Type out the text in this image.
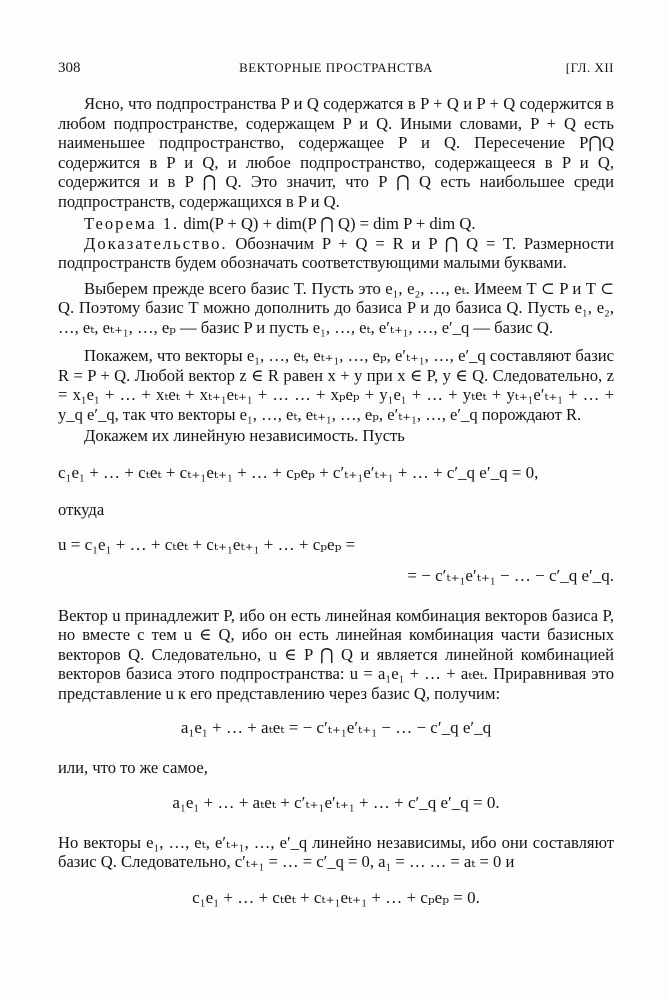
308	ВЕКТОРНЫЕ ПРОСТРАНСТВА	[ГЛ. XII

Ясно, что подпространства P и Q содержатся в P + Q и P + Q содержится в любом подпространстве, содержащем P и Q. Иными словами, P + Q есть наименьшее подпространство, содержащее P и Q. Пересечение P⋂Q содержится в P и Q, и любое подпространство, содержащееся в P и Q, содержится и в P ⋂ Q. Это значит, что P ⋂ Q есть наибольшее среди подпространств, содержащихся в P и Q.

Теорема 1. dim(P + Q) + dim(P ⋂ Q) = dim P + dim Q.

Доказательство. Обозначим P + Q = R и P ⋂ Q = T. Размерности подпространств будем обозначать соответствующими малыми буквами.

Выберем прежде всего базис T. Пусть это e₁, e₂, …, eₜ. Имеем T ⊂ P и T ⊂ Q. Поэтому базис T можно дополнить до базиса P и до базиса Q. Пусть e₁, e₂, …, eₜ, eₜ₊₁, …, eₚ — базис P и пусть e₁, …, eₜ, e′ₜ₊₁, …, e′_q — базис Q.

Покажем, что векторы e₁, …, eₜ, eₜ₊₁, …, eₚ, e′ₜ₊₁, …, e′_q составляют базис R = P + Q. Любой вектор z ∈ R равен x + y при x ∈ P, y ∈ Q. Следовательно, z = x₁e₁ + … + xₜeₜ + xₜ₊₁eₜ₊₁ + … … + xₚeₚ + y₁e₁ + … + yₜeₜ + yₜ₊₁e′ₜ₊₁ + … + y_q e′_q, так что векторы e₁, …, eₜ, eₜ₊₁, …, eₚ, e′ₜ₊₁, …, e′_q порождают R.

Докажем их линейную независимость. Пусть

c₁e₁ + … + cₜeₜ + cₜ₊₁eₜ₊₁ + … + cₚeₚ + c′ₜ₊₁e′ₜ₊₁ + … + c′_q e′_q = 0,

откуда

u = c₁e₁ + … + cₜeₜ + cₜ₊₁eₜ₊₁ + … + cₚeₚ =
= − c′ₜ₊₁e′ₜ₊₁ − … − c′_q e′_q.

Вектор u принадлежит P, ибо он есть линейная комбинация векторов базиса P, но вместе с тем u ∈ Q, ибо он есть линейная комбинация части базисных векторов Q. Следовательно, u ∈ P ⋂ Q и является линейной комбинацией векторов базиса этого подпространства: u = a₁e₁ + … + aₜeₜ. Приравнивая это представление u к его представлению через базис Q, получим:

a₁e₁ + … + aₜeₜ = − c′ₜ₊₁e′ₜ₊₁ − … − c′_q e′_q

или, что то же самое,

a₁e₁ + … + aₜeₜ + c′ₜ₊₁e′ₜ₊₁ + … + c′_q e′_q = 0.

Но векторы e₁, …, eₜ, e′ₜ₊₁, …, e′_q линейно независимы, ибо они составляют базис Q. Следовательно, c′ₜ₊₁ = … = c′_q = 0, a₁ = … … = aₜ = 0 и

c₁e₁ + … + cₜeₜ + cₜ₊₁eₜ₊₁ + … + cₚeₚ = 0.
